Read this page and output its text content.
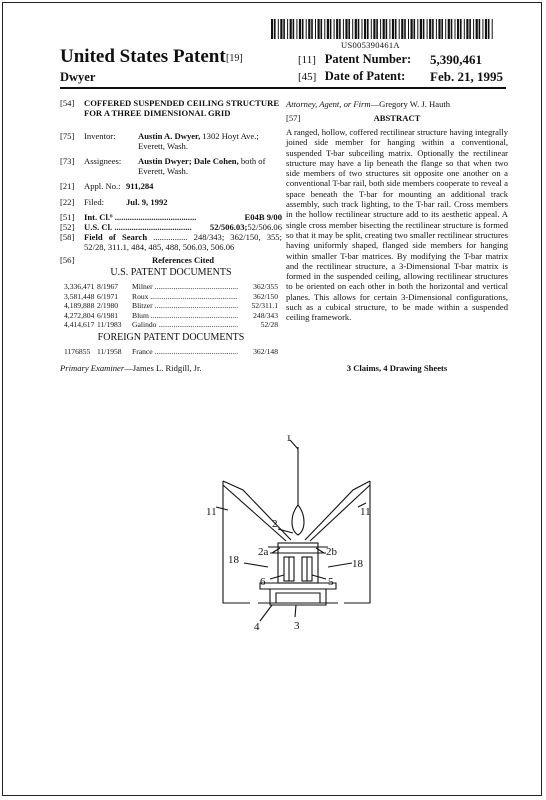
US005390461A
United States Patent [19]
Dwyer
[11] Patent Number: 5,390,461
[45] Date of Patent: Feb. 21, 1995
[54] COFFERED SUSPENDED CEILING STRUCTURE FOR A THREE DIMENSIONAL GRID
[75] Inventor:	Austin A. Dwyer, 1302 Hoyt Ave.; Everett, Wash.
[73] Assignees:	Austin Dwyer; Dale Cohen, both of Everett, Wash.
[21] Appl. No.: 911,284
[22] Filed:	Jul. 9, 1992
[51] Int. Cl.⁶ ......................................	E04B 9/00
[52] U.S. Cl. ....................................	52/506.03; 52/506.06
[58] Field of Search ................ 248/343; 362/150, 355; 52/28, 311.1, 484, 485, 488, 506.03, 506.06
[56]	References Cited
U.S. PATENT DOCUMENTS
3,336,471 8/1967	Milner .....	362/355
3,581,448 6/1971	Roux .....	362/150
4,189,888 2/1980	Blitzer .....	52/311.1
4,272,804 6/1981	Blum .....	248/343
4,414,617 11/1983	Galindo .....	52/28
FOREIGN PATENT DOCUMENTS
1176855 11/1958	France .....	362/148
Primary Examiner—James L. Ridgill, Jr.
Attorney, Agent, or Firm—Gregory W. J. Hauth
[57]	ABSTRACT
A ranged, hollow, coffered rectilinear structure having integrally joined side member for hanging within a conventional, suspended T-bar subceiling matrix. Optionally the rectilinear structure may have a lip beneath the flange so that when two side members of two structures sit opposite one another on a conventional T-bar rail, both side members cooperate to reveal a space beneath the T-bar for mounting an additional track assembly, such track lighting, to the T-bar rail. Cross members in the hollow rectilinear structure add to its aesthetic appeal. A single cross member bisecting the rectilinear structure is formed so that it may be split, creating two smaller rectilinear structures having uniformly shaped, flanged side members for hanging within smaller T-bar matrices. By modifying the T-bar matrix and the rectilinear structure, a 3-Dimensional T-bar matrix is formed in the suspended ceiling, allowing rectilinear structures to be oriented on each other in both the horizontal and vertical planes. This allows for certain 3-Dimensional configurations, such as a cubical structure, to be made within a suspended ceiling framework.
3 Claims, 4 Drawing Sheets
1
11	11
2
2a	2b
18	18
6	5
4	3
